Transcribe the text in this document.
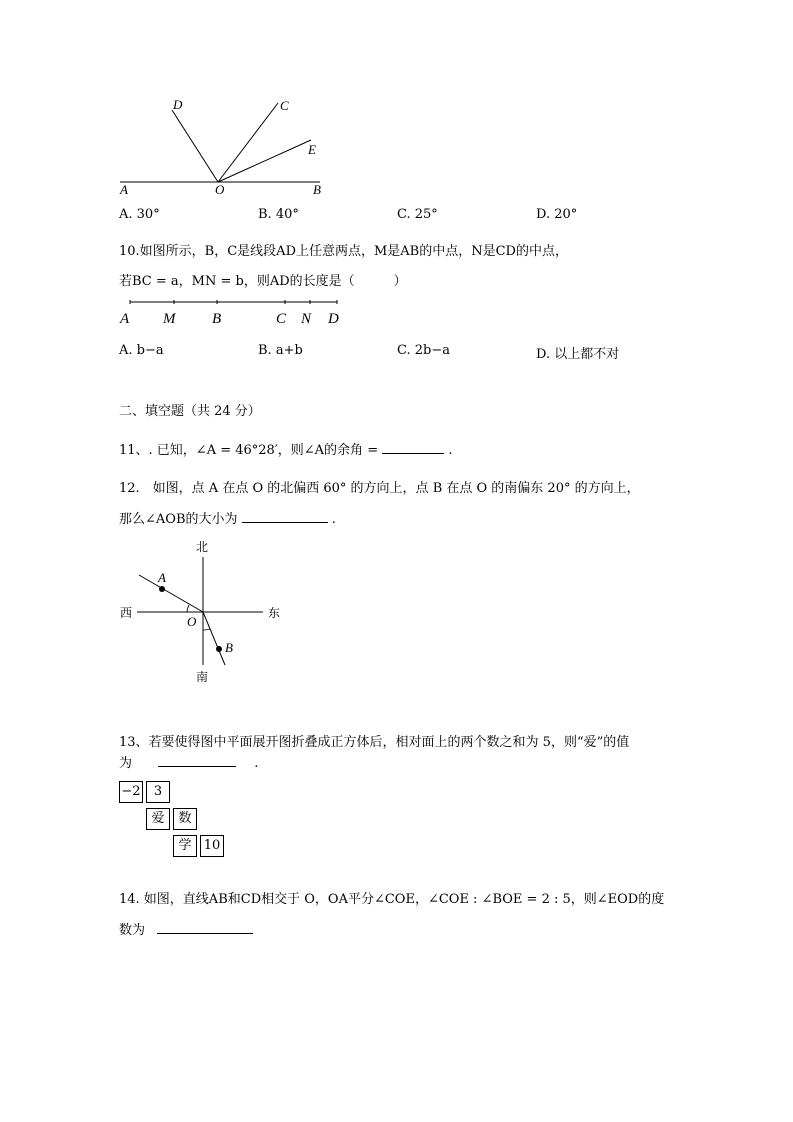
D	C
E
A	O	B
A. 30°	B. 40°	C. 25°	D. 20°
10.如图所示，B，C是线段AD上任意两点，M是AB的中点，N是CD的中点，
若BC = a，MN = b，则AD的长度是（　　　）
A M B	C N D
A. b−a	B. a+b	C. 2b−a	D. 以上都不对
二、填空题（共 24 分）
11、. 已知，∠A = 46°28′，则∠A的余角 =	.
12.　如图，点 A 在点 O 的北偏西 60° 的方向上，点 B 在点 O 的南偏东 20° 的方向上，
那么∠AOB的大小为	.
北
南
西	东
A
O
B
13、若要使得图中平面展开图折叠成正方体后，相对面上的两个数之和为 5，则“爱”的值
为	.
−2	3
爱	数
学 10
14. 如图，直线AB和CD相交于 O，OA平分∠COE，∠COE : ∠BOE = 2 : 5，则∠EOD的度
数为
